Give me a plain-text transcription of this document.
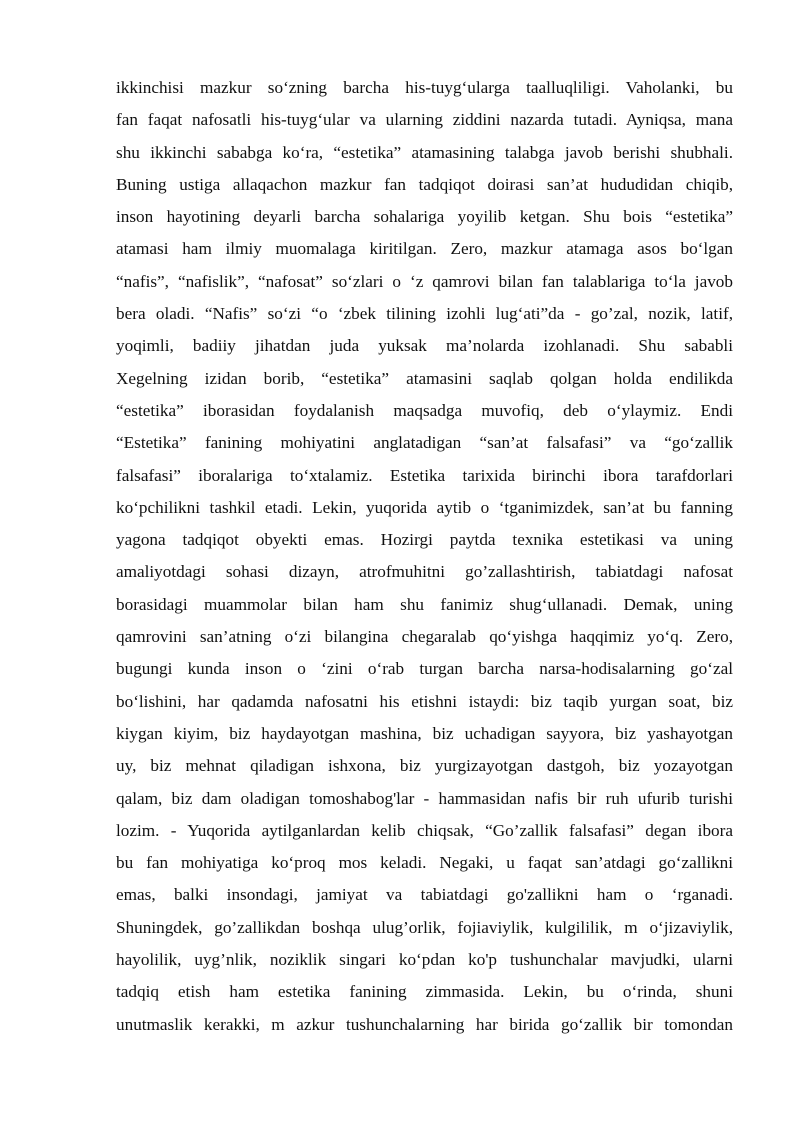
ikkinchisi mazkur so‘zning barcha his-tuyg‘ularga taalluqliligi. Vaholanki, bu
fan faqat nafosatli his-tuyg‘ular va ularning ziddini nazarda tutadi. Ayniqsa, mana
shu ikkinchi sababga ko‘ra, “estetika” atamasining talabga javob berishi shubhali.
Buning ustiga allaqachon mazkur fan tadqiqot doirasi san’at hududidan chiqib,
inson hayotining deyarli barcha sohalariga yoyilib ketgan. Shu bois “estetika”
atamasi ham ilmiy muomalaga kiritilgan. Zero, mazkur atamaga asos bo‘lgan
“nafis”, “nafislik”, “nafosat” so‘zlari o ‘z qamrovi bilan fan talablariga to‘la javob
bera oladi. “Nafis” so‘zi “o ‘zbek tilining izohli lug‘ati”da - go’zal, nozik, latif,
yoqimli, badiiy jihatdan juda yuksak ma’nolarda izohlanadi. Shu sababli
Xegelning izidan borib, “estetika” atamasini saqlab qolgan holda endilikda
“estetika” iborasidan foydalanish maqsadga muvofiq, deb o‘ylaymiz. Endi
“Estetika” fanining mohiyatini anglatadigan “san’at falsafasi” va “go‘zallik
falsafasi” iboralariga to‘xtalamiz. Estetika tarixida birinchi ibora tarafdorlari
ko‘pchilikni tashkil etadi. Lekin, yuqorida aytib o ‘tganimizdek, san’at bu fanning
yagona tadqiqot obyekti emas. Hozirgi paytda texnika estetikasi va uning
amaliyotdagi sohasi dizayn, atrofmuhitni go’zallashtirish, tabiatdagi nafosat
borasidagi muammolar bilan ham shu fanimiz shug‘ullanadi. Demak, uning
qamrovini san’atning o‘zi bilangina chegaralab qo‘yishga haqqimiz yo‘q. Zero,
bugungi kunda inson o ‘zini o‘rab turgan barcha narsa-hodisalarning go‘zal
bo‘lishini, har qadamda nafosatni his etishni istaydi: biz taqib yurgan soat, biz
kiygan kiyim, biz haydayotgan mashina, biz uchadigan sayyora, biz yashayotgan
uy, biz mehnat qiladigan ishxona, biz yurgizayotgan dastgoh, biz yozayotgan
qalam, biz dam oladigan tomoshabog'lar - hammasidan nafis bir ruh ufurib turishi
lozim. - Yuqorida aytilganlardan kelib chiqsak, “Go’zallik falsafasi” degan ibora
bu fan mohiyatiga ko‘proq mos keladi. Negaki, u faqat san’atdagi go‘zallikni
emas, balki insondagi, jamiyat va tabiatdagi go'zallikni ham o ‘rganadi.
Shuningdek, go’zallikdan boshqa ulug’orlik, fojiaviylik, kulgililik, m o‘jizaviylik,
hayolilik, uyg’nlik, noziklik singari ko‘pdan ko'p tushunchalar mavjudki, ularni
tadqiq etish ham estetika fanining zimmasida. Lekin, bu o‘rinda, shuni
unutmaslik kerakki, m azkur tushunchalarning har birida go‘zallik bir tomondan
